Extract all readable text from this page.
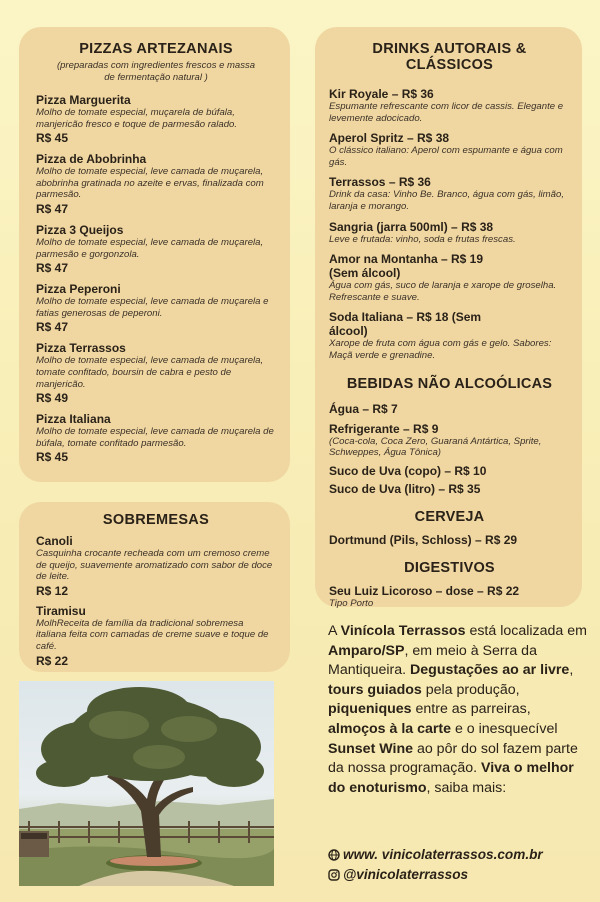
PIZZAS ARTEZANAIS
(preparadas com ingredientes frescos e massa de fermentação natural )
Pizza Marguerita
Molho de tomate especial, muçarela de búfala, manjericão fresco e toque de parmesão ralado.
R$ 45
Pizza de Abobrinha
Molho de tomate especial, leve camada de muçarela, abobrinha gratinada no azeite e ervas, finalizada com parmesão.
R$ 47
Pizza 3 Queijos
Molho de tomate especial, leve camada de muçarela, parmesão e gorgonzola.
R$ 47
Pizza Peperoni
Molho de tomate especial, leve camada de muçarela e fatias generosas de peperoni.
R$ 47
Pizza Terrassos
Molho de tomate especial, leve camada de muçarela, tomate confitado, boursin de cabra e pesto de manjericão.
R$ 49
Pizza Italiana
Molho de tomate especial, leve camada de muçarela de búfala, tomate confitado parmesão.
R$ 45
SOBREMESAS
Canoli
Casquinha crocante recheada com um cremoso creme de queijo, suavemente aromatizado com sabor de doce de leite.
R$ 12
Tiramisu
MolhReceita de família da tradicional sobremesa italiana feita com camadas de creme suave e toque de café.
R$ 22
DRINKS AUTORAIS & CLÁSSICOS
Kir Royale – R$ 36
Espumante refrescante com licor de cassis. Elegante e levemente adocicado.
Aperol Spritz – R$ 38
O clássico italiano: Aperol com espumante e água com gás.
Terrassos – R$ 36
Drink da casa: Vinho Be. Branco, água com gás, limão, laranja e morango.
Sangria (jarra 500ml) – R$ 38
Leve e frutada: vinho, soda e frutas frescas.
Amor na Montanha – R$ 19 (Sem álcool)
Água com gás, suco de laranja e xarope de groselha. Refrescante e suave.
Soda Italiana – R$ 18 (Sem álcool)
Xarope de fruta com água com gás e gelo. Sabores: Maçã verde e grenadine.
BEBIDAS NÃO ALCOÓLICAS
Água – R$ 7
Refrigerante – R$ 9
(Coca-cola, Coca Zero, Guaraná Antártica, Sprite, Schweppes, Água Tônica)
Suco de Uva (copo) – R$ 10
Suco de Uva (litro) – R$ 35
CERVEJA
Dortmund (Pils, Schloss) – R$ 29
DIGESTIVOS
Seu Luiz Licoroso – dose – R$ 22
Tipo Porto
A Vinícola Terrassos está localizada em Amparo/SP, em meio à Serra da Mantiqueira. Degustações ao ar livre, tours guiados pela produção, piqueniques entre as parreiras, almoços à la carte e o inesquecível Sunset Wine ao pôr do sol fazem parte da nossa programação. Viva o melhor do enoturismo, saiba mais:
www. vinicolaterrassos.com.br
@vinicolaterrassos
